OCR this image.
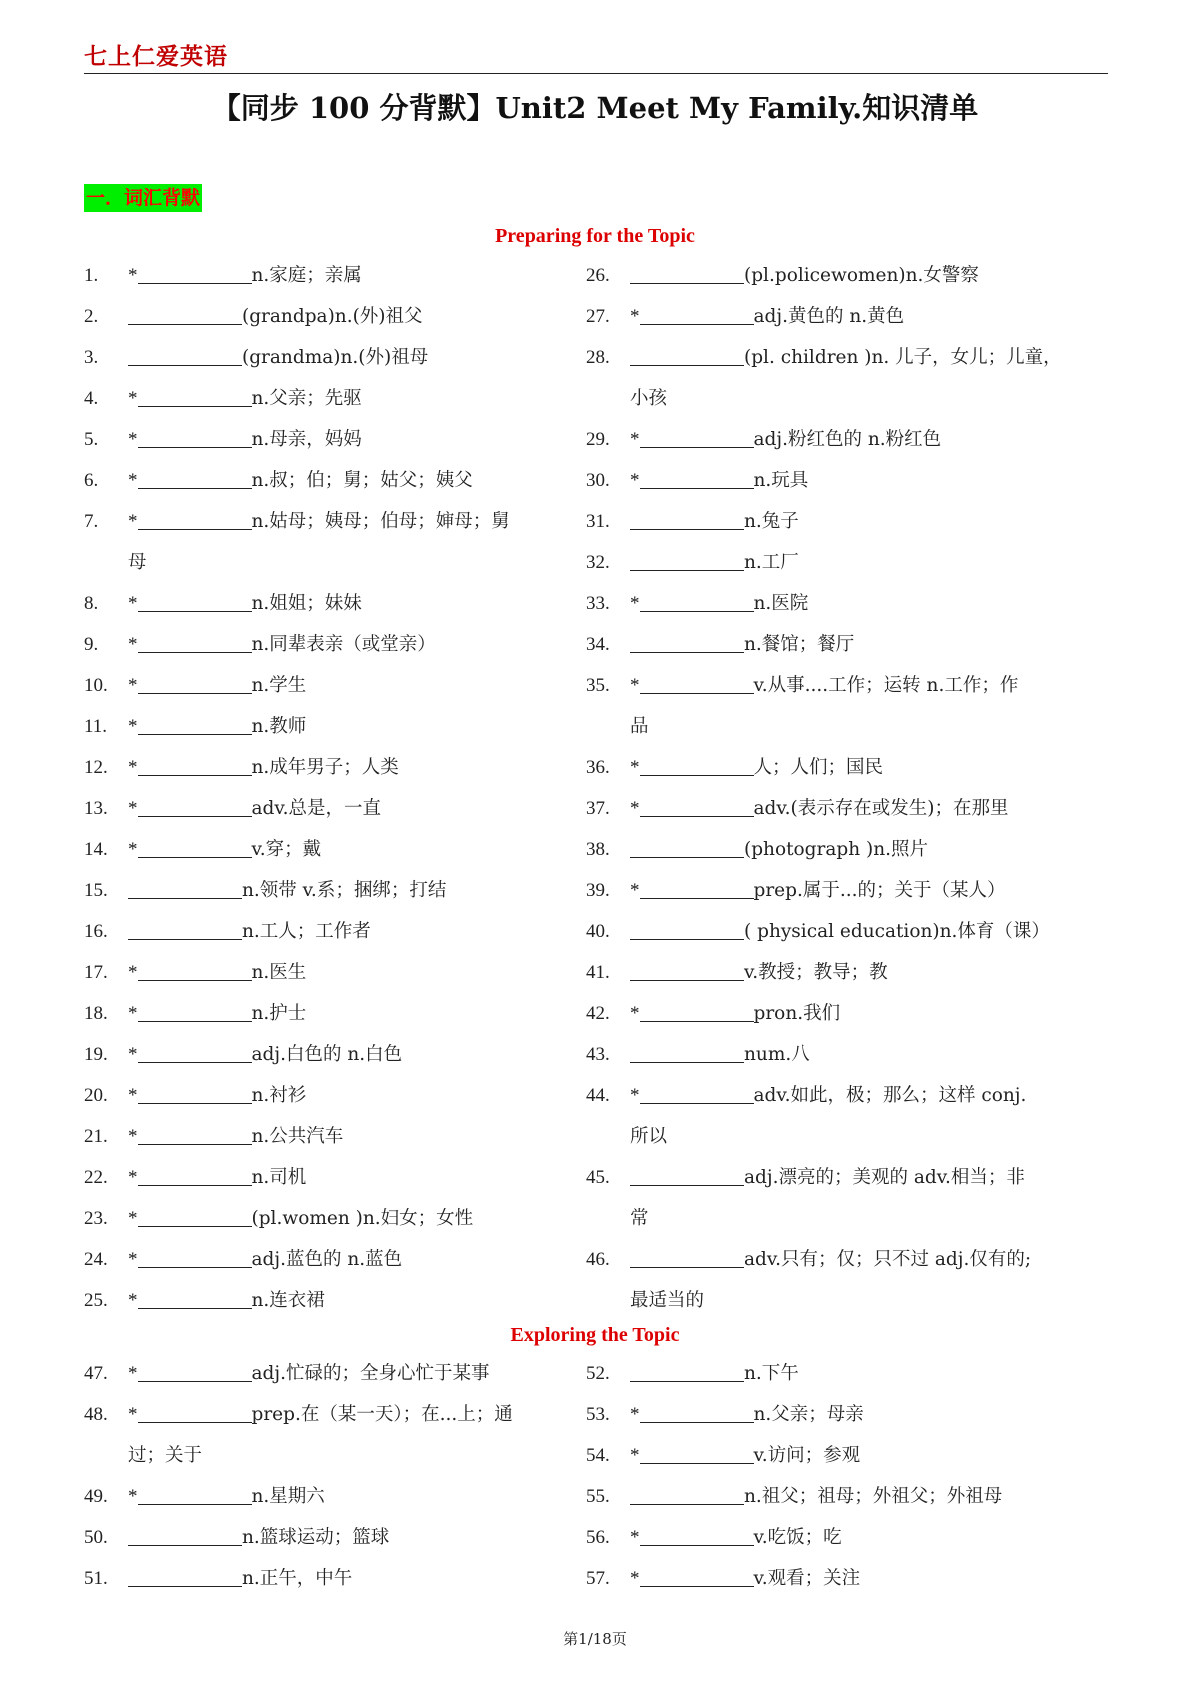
七上仁爱英语
【同步 100 分背默】Unit2 Meet My Family.知识清单
一．词汇背默
Preparing for the Topic
1.	*	n.家庭；亲属
2.	(grandpa)n.(外)祖父
3.	(grandma)n.(外)祖母
4.	*	n.父亲；先驱
5.	*	n.母亲，妈妈
6.	*	n.叔；伯；舅；姑父；姨父
7.	*	n.姑母；姨母；伯母；婶母；舅
母
8.	*	n.姐姐；妹妹
9.	*	n.同辈表亲（或堂亲）
10.	*	n.学生
11.	*	n.教师
12.	*	n.成年男子；人类
13.	*	adv.总是，一直
14.	*	v.穿；戴
15.	n.领带 v.系；捆绑；打结
16.	n.工人；工作者
17.	*	n.医生
18.	*	n.护士
19.	*	adj.白色的 n.白色
20.	*	n.衬衫
21.	*	n.公共汽车
22.	*	n.司机
23.	*	(pl.women )n.妇女；女性
24.	*	adj.蓝色的 n.蓝色
25.	*	n.连衣裙
26.	(pl.policewomen)n.女警察
27.	*	adj.黄色的 n.黄色
28.	(pl. children )n. 儿子，女儿；儿童，
小孩
29.	*	adj.粉红色的 n.粉红色
30.	*	n.玩具
31.	n.兔子
32.	n.工厂
33.	*	n.医院
34.	n.餐馆；餐厅
35.	*	v.从事....工作；运转 n.工作；作
品
36.	*	人；人们；国民
37.	*	adv.(表示存在或发生)；在那里
38.	(photograph )n.照片
39.	*	prep.属于...的；关于（某人）
40.	( physical education)n.体育（课）
41.	v.教授；教导；教
42.	*	pron.我们
43.	num.八
44.	*	adv.如此，极；那么；这样 conj.
所以
45.	adj.漂亮的；美观的 adv.相当；非
常
46.	adv.只有；仅；只不过 adj.仅有的;
最适当的
Exploring the Topic
47.	*	adj.忙碌的；全身心忙于某事
48.	*	prep.在（某一天）；在...上；通
过；关于
49.	*	n.星期六
50.	n.篮球运动；篮球
51.	n.正午，中午
52.	n.下午
53.	*	n.父亲；母亲
54.	*	v.访问；参观
55.	n.祖父；祖母；外祖父；外祖母
56.	*	v.吃饭；吃
57.	*	v.观看；关注
第1/18页
